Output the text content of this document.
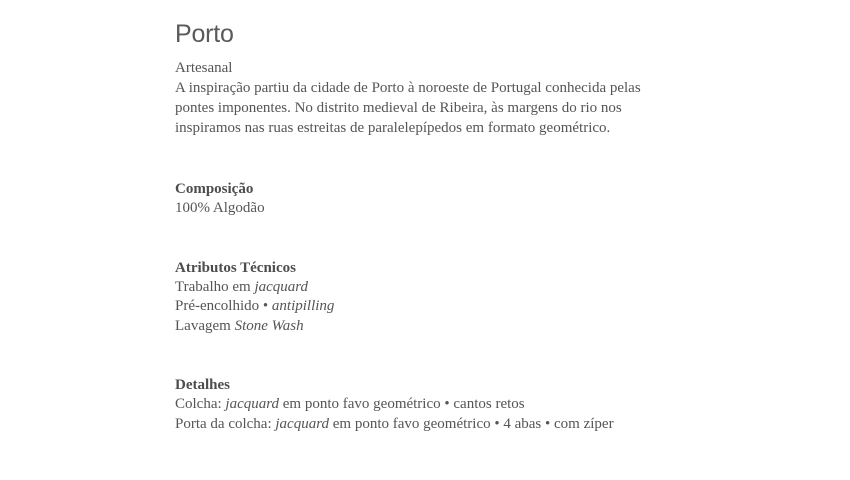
Porto

Artesanal

A inspiração partiu da cidade de Porto à noroeste de Portugal conhecida pelas pontes imponentes. No distrito medieval de Ribeira, às margens do rio nos inspiramos nas ruas estreitas de paralelepípedos em formato geométrico.

Composição

100% Algodão

Atributos Técnicos

Trabalho em jacquard

Pré-encolhido • antipilling

Lavagem Stone Wash

Detalhes

Colcha: jacquard em ponto favo geométrico • cantos retos

Porta da colcha: jacquard em ponto favo geométrico • 4 abas • com zíper
